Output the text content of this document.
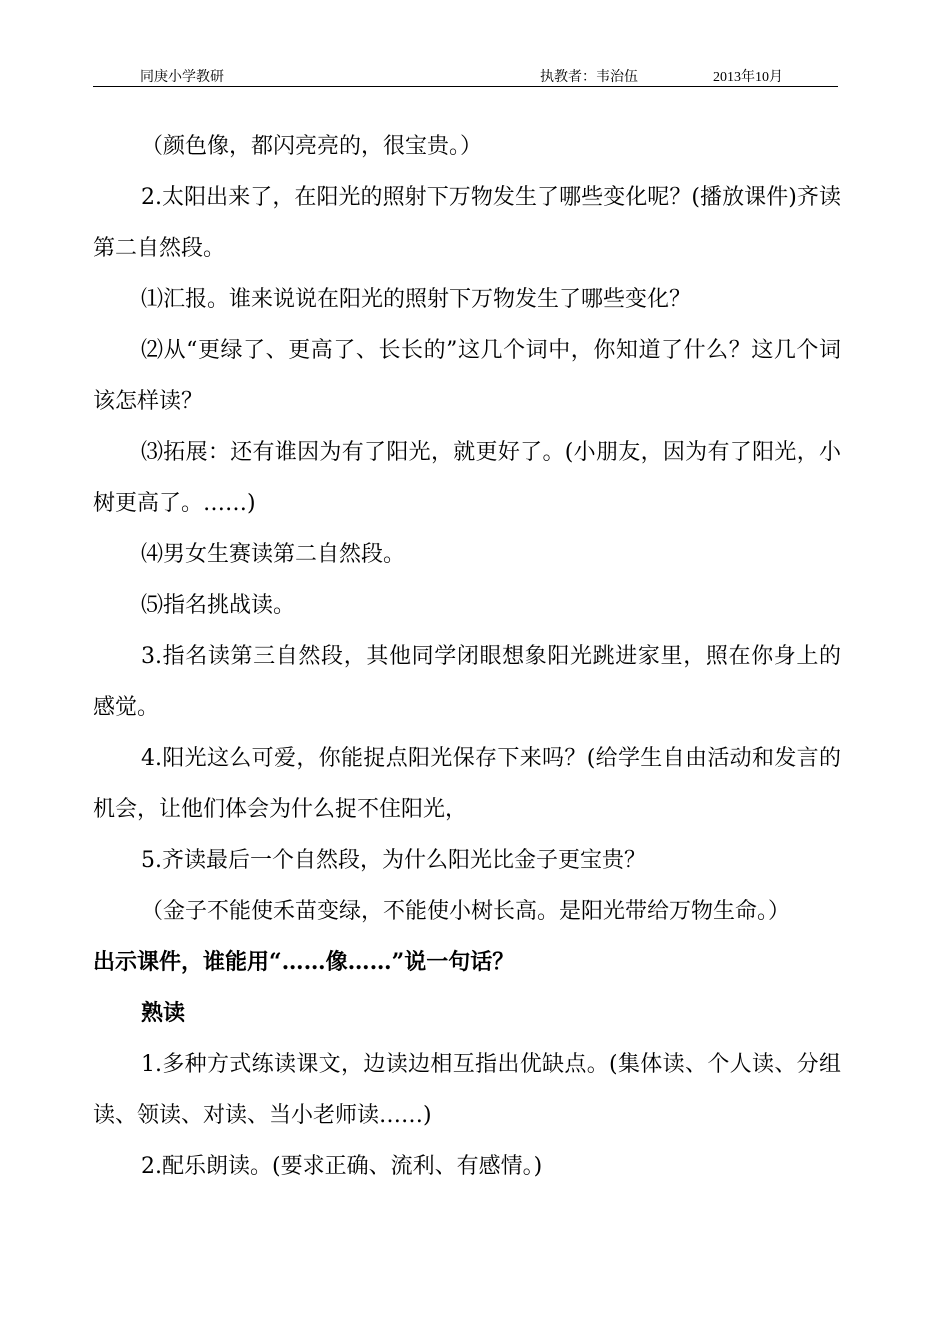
同庚小学教研	执教者：韦治伍	2013年10月

（颜色像，都闪亮亮的，很宝贵。）

2.太阳出来了，在阳光的照射下万物发生了哪些变化呢？(播放课件)齐读第二自然段。

⑴汇报。谁来说说在阳光的照射下万物发生了哪些变化？

⑵从“更绿了、更高了、长长的”这几个词中，你知道了什么？这几个词该怎样读？

⑶拓展：还有谁因为有了阳光，就更好了。(小朋友，因为有了阳光，小树更高了。……)

⑷男女生赛读第二自然段。

⑸指名挑战读。

3.指名读第三自然段，其他同学闭眼想象阳光跳进家里，照在你身上的感觉。

4.阳光这么可爱，你能捉点阳光保存下来吗？(给学生自由活动和发言的机会，让他们体会为什么捉不住阳光，

5.齐读最后一个自然段，为什么阳光比金子更宝贵？

（金子不能使禾苗变绿，不能使小树长高。是阳光带给万物生命。）

出示课件，谁能用“……像……”说一句话？

熟读

1.多种方式练读课文，边读边相互指出优缺点。(集体读、个人读、分组读、领读、对读、当小老师读……)

2.配乐朗读。(要求正确、流利、有感情。)
